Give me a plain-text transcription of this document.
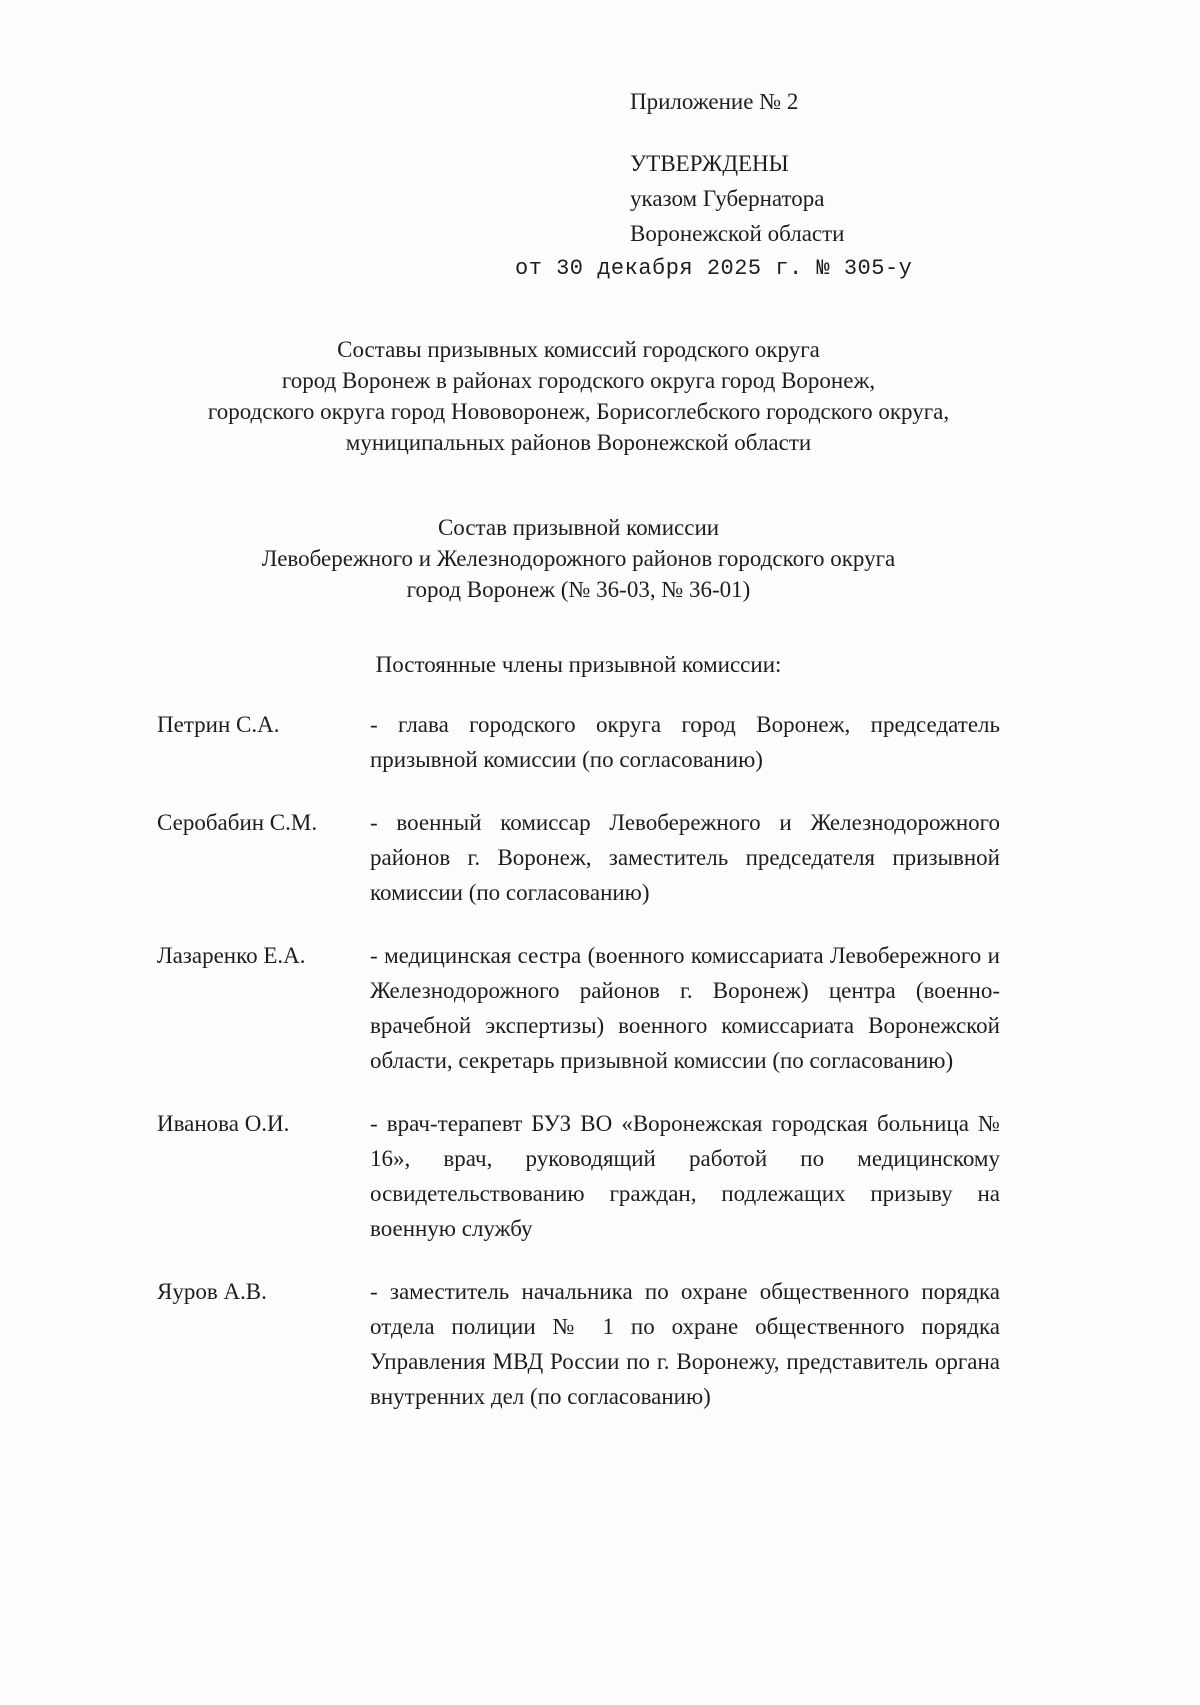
Приложение № 2
УТВЕРЖДЕНЫ
указом Губернатора
Воронежской области
от 30 декабря 2025 г. № 305-у
Составы призывных комиссий городского округа
город Воронеж в районах городского округа город Воронеж,
городского округа город Нововоронеж, Борисоглебского городского округа,
муниципальных районов Воронежской области
Состав призывной комиссии
Левобережного и Железнодорожного районов городского округа
город Воронеж (№ 36-03, № 36-01)
Постоянные члены призывной комиссии:
Петрин С.А.	- глава городского округа город Воронеж, председатель призывной комиссии (по согласованию)
Серобабин С.М.	- военный комиссар Левобережного и Железнодорожного районов г. Воронеж, заместитель председателя призывной комиссии (по согласованию)
Лазаренко Е.А.	- медицинская сестра (военного комиссариата Левобережного и Железнодорожного районов г. Воронеж) центра (военно-врачебной экспертизы) военного комиссариата Воронежской области, секретарь призывной комиссии (по согласованию)
Иванова О.И.	- врач-терапевт БУЗ ВО «Воронежская городская больница № 16», врач, руководящий работой по медицинскому освидетельствованию граждан, подлежащих призыву на военную службу
Яуров А.В.	- заместитель начальника по охране общественного порядка отдела полиции № 1 по охране общественного порядка Управления МВД России по г. Воронежу, представитель органа внутренних дел (по согласованию)
